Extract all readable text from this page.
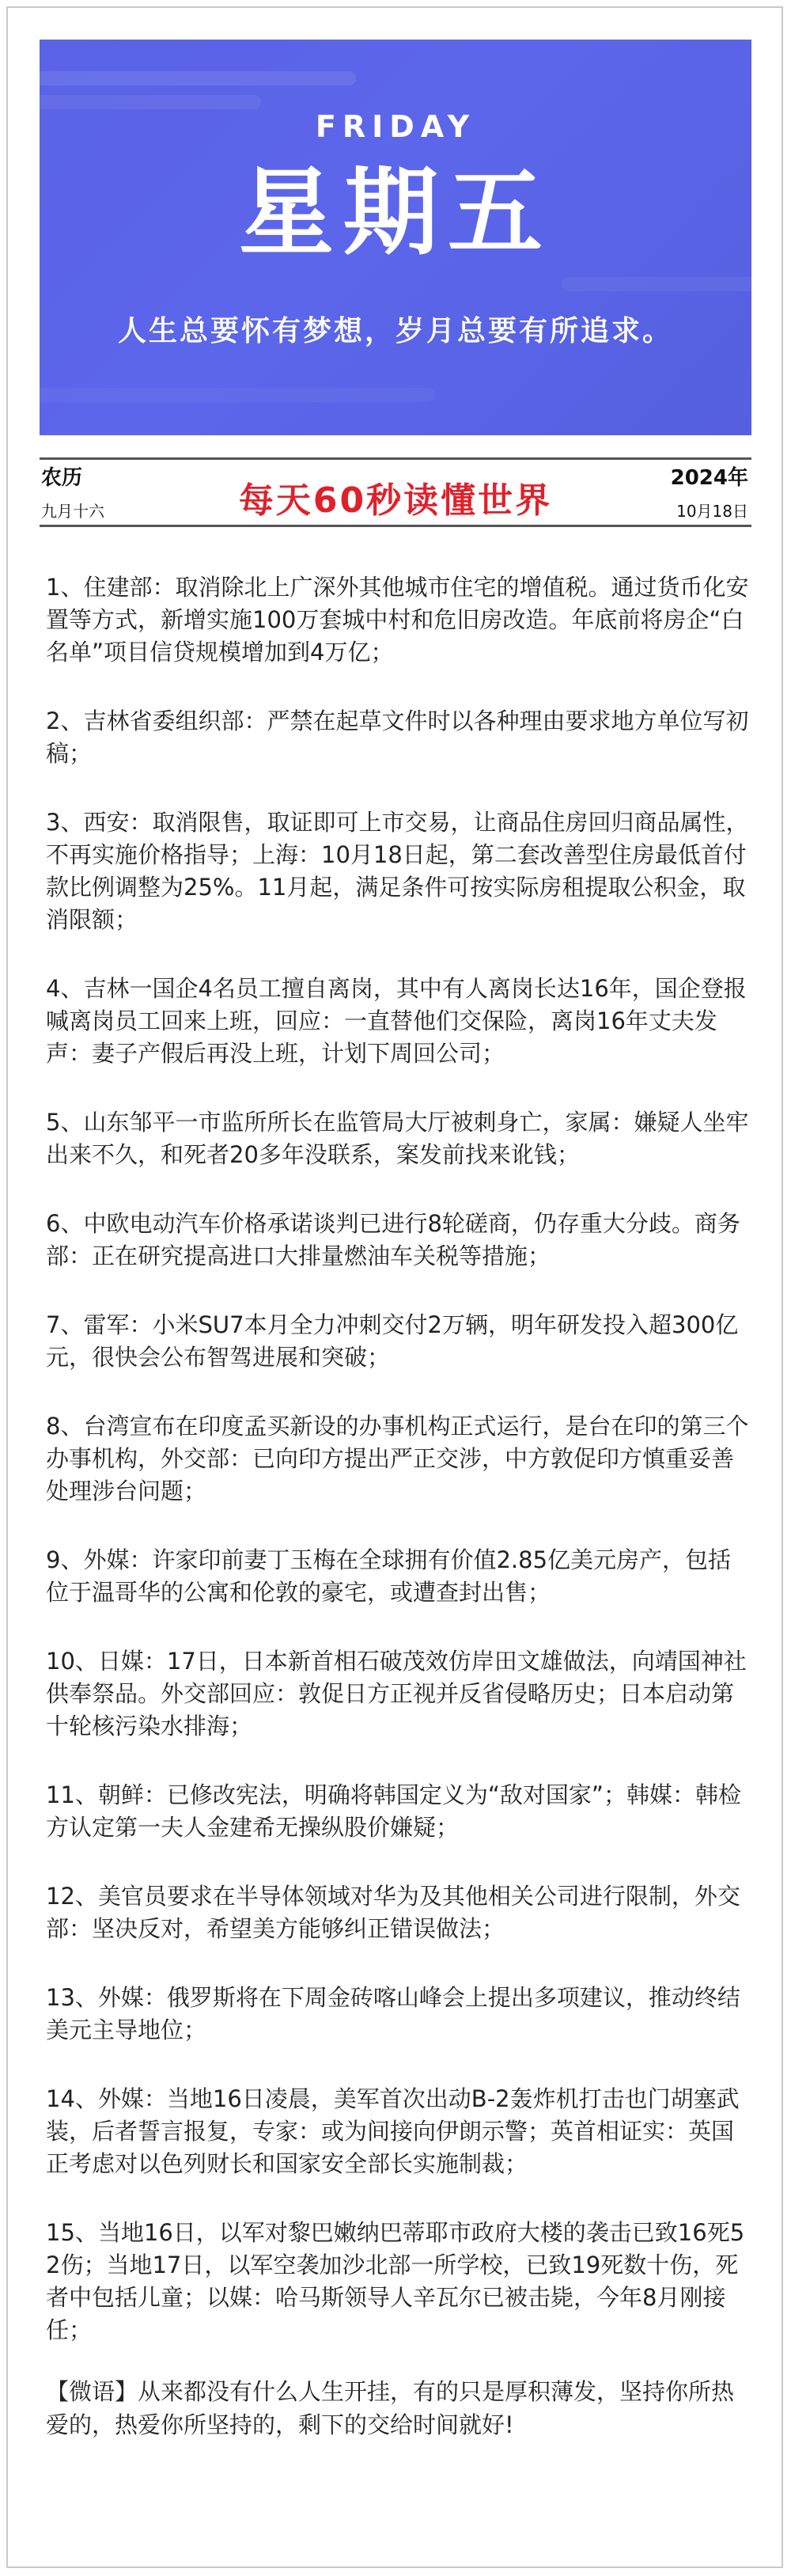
FRIDAY
星期五
人生总要怀有梦想，岁月总要有所追求。
农历
九月十六	每天60秒读懂世界
2024年
10月18日
1、住建部：取消除北上广深外其他城市住宅的增值税。通过货币化安置等方式，新增实施100万套城中村和危旧房改造。年底前将房企“白名单”项目信贷规模增加到4万亿；
2、吉林省委组织部：严禁在起草文件时以各种理由要求地方单位写初稿；
3、西安：取消限售，取证即可上市交易，让商品住房回归商品属性，不再实施价格指导；上海：10月18日起，第二套改善型住房最低首付款比例调整为25%。11月起，满足条件可按实际房租提取公积金，取消限额；
4、吉林一国企4名员工擅自离岗，其中有人离岗长达16年，国企登报喊离岗员工回来上班，回应：一直替他们交保险，离岗16年丈夫发声：妻子产假后再没上班，计划下周回公司；
5、山东邹平一市监所所长在监管局大厅被刺身亡，家属：嫌疑人坐牢出来不久，和死者20多年没联系，案发前找来讹钱；
6、中欧电动汽车价格承诺谈判已进行8轮磋商，仍存重大分歧。商务部：正在研究提高进口大排量燃油车关税等措施；
7、雷军：小米SU7本月全力冲刺交付2万辆，明年研发投入超300亿元，很快会公布智驾进展和突破；
8、台湾宣布在印度孟买新设的办事机构正式运行，是台在印的第三个办事机构，外交部：已向印方提出严正交涉，中方敦促印方慎重妥善处理涉台问题；
9、外媒：许家印前妻丁玉梅在全球拥有价值2.85亿美元房产，包括位于温哥华的公寓和伦敦的豪宅，或遭查封出售；
10、日媒：17日，日本新首相石破茂效仿岸田文雄做法，向靖国神社供奉祭品。外交部回应：敦促日方正视并反省侵略历史；日本启动第十轮核污染水排海；
11、朝鲜：已修改宪法，明确将韩国定义为“敌对国家”；韩媒：韩检方认定第一夫人金建希无操纵股价嫌疑；
12、美官员要求在半导体领域对华为及其他相关公司进行限制，外交部：坚决反对，希望美方能够纠正错误做法；
13、外媒：俄罗斯将在下周金砖喀山峰会上提出多项建议，推动终结美元主导地位；
14、外媒：当地16日凌晨，美军首次出动B-2轰炸机打击也门胡塞武装，后者誓言报复，专家：或为间接向伊朗示警；英首相证实：英国正考虑对以色列财长和国家安全部长实施制裁；
15、当地16日，以军对黎巴嫩纳巴蒂耶市政府大楼的袭击已致16死52伤；当地17日，以军空袭加沙北部一所学校，已致19死数十伤，死者中包括儿童；以媒：哈马斯领导人辛瓦尔已被击毙，今年8月刚接任；
【微语】从来都没有什么人生开挂，有的只是厚积薄发，坚持你所热爱的，热爱你所坚持的，剩下的交给时间就好!
